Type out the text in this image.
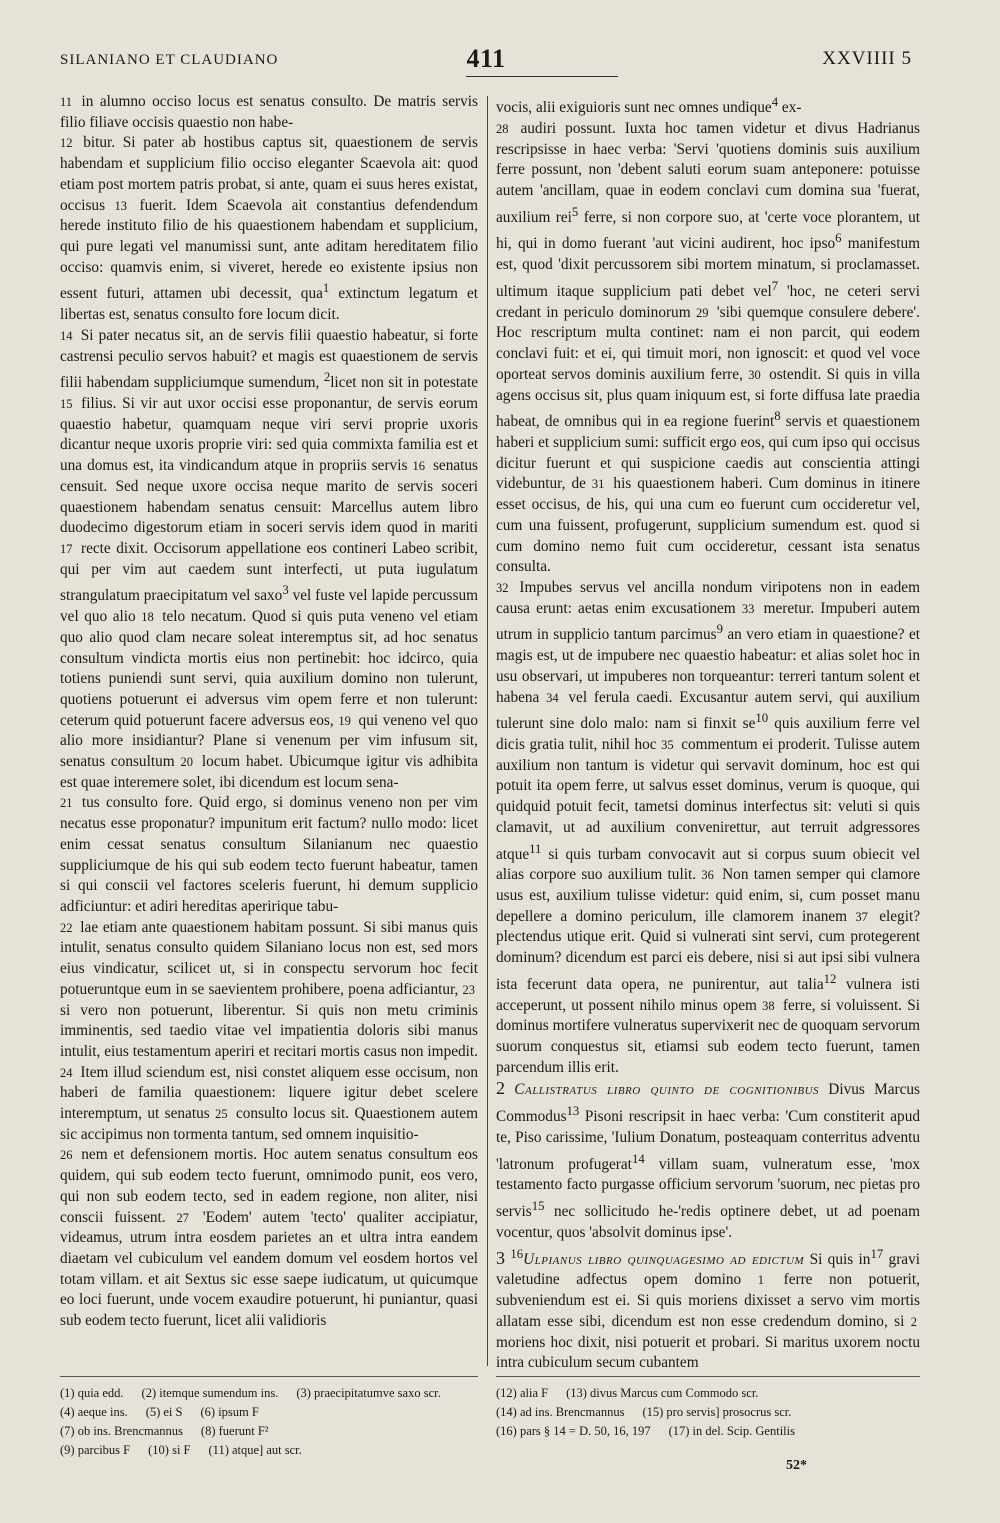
SILANIANO ET CLAUDIANO	411	XXVIIII 5

11 in alumno occiso locus est senatus consulto. De matris servis filio filiave occisis quaestio non habe-
12 bitur. Si pater ab hostibus captus sit, quaestionem de servis habendam et supplicium filio occiso eleganter Scaevola ait: quod etiam post mortem patris probat, si ante, quam ei suus heres existat, occisus 13 fuerit. Idem Scaevola ait constantius defendendum herede instituto filio de his quaestionem habendam et supplicium, qui pure legati vel manumissi sunt, ante aditam hereditatem filio occiso: quamvis enim, si viveret, herede eo existente ipsius non essent futuri, attamen ubi decessit, qua$^1$ extinctum legatum et libertas est, senatus consulto fore locum dicit.

14 Si pater necatus sit, an de servis filii quaestio habeatur, si forte castrensi peculio servos habuit? et magis est quaestionem de servis filii habendam suppliciumque sumendum, $^2$licet non sit in potestate 15 filius. Si vir aut uxor occisi esse proponantur, de servis eorum quaestio habetur, quamquam neque viri servi proprie uxoris dicantur neque uxoris proprie viri: sed quia commixta familia est et una domus est, ita vindicandum atque in propriis servis 16 senatus censuit. Sed neque uxore occisa neque marito de servis soceri quaestionem habendam senatus censuit: Marcellus autem libro duodecimo digestorum etiam in soceri servis idem quod in mariti 17 recte dixit. Occisorum appellatione eos contineri Labeo scribit, qui per vim aut caedem sunt interfecti, ut puta iugulatum strangulatum praecipitatum vel saxo$^3$ vel fuste vel lapide percussum vel quo alio 18 telo necatum. Quod si quis puta veneno vel etiam quo alio quod clam necare soleat interemptus sit, ad hoc senatus consultum vindicta mortis eius non pertinebit: hoc idcirco, quia totiens puniendi sunt servi, quia auxilium domino non tulerunt, quotiens potuerunt ei adversus vim opem ferre et non tulerunt: ceterum quid potuerunt facere adversus eos, 19 qui veneno vel quo alio more insidiantur? Plane si venenum per vim infusum sit, senatus consultum 20 locum habet. Ubicumque igitur vis adhibita est quae interemere solet, ibi dicendum est locum sena-
21 tus consulto fore. Quid ergo, si dominus veneno non per vim necatus esse proponatur? impunitum erit factum? nullo modo: licet enim cessat senatus consultum Silanianum nec quaestio suppliciumque de his qui sub eodem tecto fuerunt habeatur, tamen si qui conscii vel factores sceleris fuerunt, hi demum supplicio adficiuntur: et adiri hereditas aperirique tabu-
22 lae etiam ante quaestionem habitam possunt. Si sibi manus quis intulit, senatus consulto quidem Silaniano locus non est, sed mors eius vindicatur, scilicet ut, si in conspectu servorum hoc fecit potueruntque eum in se saevientem prohibere, poena adficiantur, 23 si vero non potuerunt, liberentur. Si quis non metu criminis imminentis, sed taedio vitae vel impatientia doloris sibi manus intulit, eius testamentum aperiri et recitari mortis casus non impedit. 24 Item illud sciendum est, nisi constet aliquem esse occisum, non haberi de familia quaestionem: liquere igitur debet scelere interemptum, ut senatus 25 consulto locus sit. Quaestionem autem sic accipimus non tormenta tantum, sed omnem inquisitio-
26 nem et defensionem mortis. Hoc autem senatus consultum eos quidem, qui sub eodem tecto fuerunt, omnimodo punit, eos vero, qui non sub eodem tecto, sed in eadem regione, non aliter, nisi conscii fuissent. 27 'Eodem' autem 'tecto' qualiter accipiatur, videamus, utrum intra eosdem parietes an et ultra intra eandem diaetam vel cubiculum vel eandem domum vel eosdem hortos vel totam villam. et ait Sextus sic esse saepe iudicatum, ut quicumque eo loci fuerunt, unde vocem exaudire potuerunt, hi puniantur, quasi sub eodem tecto fuerunt, licet alii validioris

vocis, alii exiguioris sunt nec omnes undique$^4$ ex-
28 audiri possunt. Iuxta hoc tamen videtur et divus Hadrianus rescripsisse in haec verba: 'Servi 'quotiens dominis suis auxilium ferre possunt, non 'debent saluti eorum suam anteponere: potuisse autem 'ancillam, quae in eodem conclavi cum domina sua 'fuerat, auxilium rei$^5$ ferre, si non corpore suo, at 'certe voce plorantem, ut hi, qui in domo fuerant 'aut vicini audirent, hoc ipso$^6$ manifestum est, quod 'dixit percussorem sibi mortem minatum, si proclamasset. ultimum itaque supplicium pati debet vel$^7$ 'hoc, ne ceteri servi credant in periculo dominorum 29 'sibi quemque consulere debere'. Hoc rescriptum multa continet: nam ei non parcit, qui eodem conclavi fuit: et ei, qui timuit mori, non ignoscit: et quod vel voce oporteat servos dominis auxilium ferre, 30 ostendit. Si quis in villa agens occisus sit, plus quam iniquum est, si forte diffusa late praedia habeat, de omnibus qui in ea regione fuerint$^8$ servis et quaestionem haberi et supplicium sumi: sufficit ergo eos, qui cum ipso qui occisus dicitur fuerunt et qui suspicione caedis aut conscientia attingi videbuntur, de 31 his quaestionem haberi. Cum dominus in itinere esset occisus, de his, qui una cum eo fuerunt cum occideretur vel, cum una fuissent, profugerunt, supplicium sumendum est. quod si cum domino nemo fuit cum occideretur, cessant ista senatus consulta.

32 Impubes servus vel ancilla nondum viripotens non in eadem causa erunt: aetas enim excusationem 33 meretur. Impuberi autem utrum in supplicio tantum parcimus$^9$ an vero etiam in quaestione? et magis est, ut de impubere nec quaestio habeatur: et alias solet hoc in usu observari, ut impuberes non torqueantur: terreri tantum solent et habena 34 vel ferula caedi. Excusantur autem servi, qui auxilium tulerunt sine dolo malo: nam si finxit $se^{10}$ quis auxilium ferre vel dicis gratia tulit, nihil hoc 35 commentum ei proderit. Tulisse autem auxilium non tantum is videtur qui servavit dominum, hoc est qui potuit ita opem ferre, ut salvus esset dominus, verum is quoque, qui quidquid potuit fecit, tametsi dominus interfectus sit: veluti si quis clamavit, ut ad auxilium convenirettur, aut terruit adgressores atque$^{11}$ si quis turbam convocavit aut si corpus suum obiecit vel alias corpore suo auxilium tulit. 36 Non tamen semper qui clamore usus est, auxilium tulisse videtur: quid enim, si, cum posset manu depellere a domino periculum, ille clamorem inanem 37 elegit? plectendus utique erit. Quid si vulnerati sint servi, cum protegerent dominum? dicendum est parci eis debere, nisi si aut ipsi sibi vulnera ista fecerunt data opera, ne punirentur, aut talia$^{12}$ vulnera isti acceperunt, ut possent nihilo minus opem 38 ferre, si voluissent. Si dominus mortifere vulneratus supervixerit nec de quoquam servorum suorum conquestus sit, etiamsi sub eodem tecto fuerunt, tamen parcendum illis erit.

2 Callistratus libro quinto de cognitionibus Divus Marcus Commodus$^{13}$ Pisoni rescripsit in haec verba: 'Cum constiterit apud te, Piso carissime, 'Iulium Donatum, posteaquam conterritus adventu 'latronum profugerat$^{14}$ villam suam, vulneratum esse, 'mox testamento facto purgasse officium servorum 'suorum, nec pietas pro servis$^{15}$ nec sollicitudo he-'redis optinere debet, ut ad poenam vocentur, quos 'absolvit dominus ipse'.

3 $^{16}$Ulpianus libro quinquagesimo ad edictum Si quis $in^{17}$ gravi valetudine adfectus opem domino 1 ferre non potuerit, subveniendum est ei. Si quis moriens dixisset a servo vim mortis allatam esse sibi, dicendum est non esse credendum domino, si 2 moriens hoc dixit, nisi potuerit et probari. Si maritus uxorem noctu intra cubiculum secum cubantem

(1) quia edd. (2) itemque sumendum ins. (3) praecipitatumve saxo scr.
(4) aeque ins. (5) ei S (6) ipsum F
(7) ob ins. Brencmannus (8) fuerunt F²
(9) parcibus F (10) si F (11) atque] aut scr.
(12) alia F (13) divus Marcus cum Commodo scr.
(14) ad ins. Brencmannus (15) pro servis] prosocrus scr.
(16) pars § 14 = D. 50, 16, 197 (17) in del. Scip. Gentilis
52*
